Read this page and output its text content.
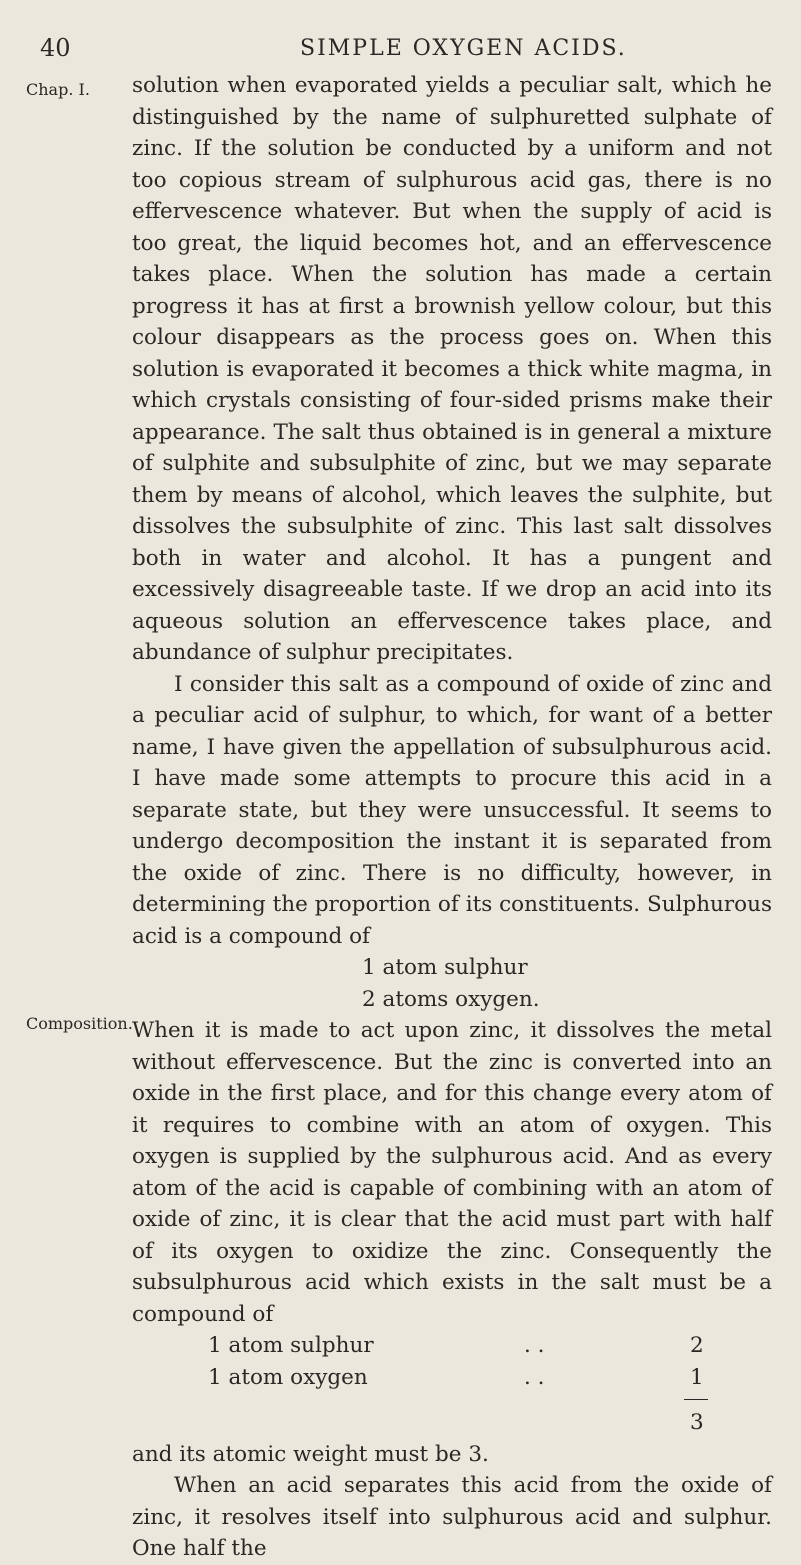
40	SIMPLE OXYGEN ACIDS.
Chap. I.
Composition.

solution when evaporated yields a peculiar salt, which he distinguished by the name of sulphuretted sulphate of zinc. If the solution be conducted by a uniform and not too copious stream of sulphurous acid gas, there is no effervescence whatever. But when the supply of acid is too great, the liquid becomes hot, and an effervescence takes place. When the solution has made a certain progress it has at first a brownish yellow colour, but this colour disappears as the process goes on. When this solution is evaporated it becomes a thick white magma, in which crystals consisting of four-sided prisms make their appearance. The salt thus obtained is in general a mixture of sulphite and subsulphite of zinc, but we may separate them by means of alcohol, which leaves the sulphite, but dissolves the subsulphite of zinc. This last salt dissolves both in water and alcohol. It has a pungent and excessively disagreeable taste. If we drop an acid into its aqueous solution an effervescence takes place, and abundance of sulphur precipitates.

I consider this salt as a compound of oxide of zinc and a peculiar acid of sulphur, to which, for want of a better name, I have given the appellation of subsulphurous acid. I have made some attempts to procure this acid in a separate state, but they were unsuccessful. It seems to undergo decomposition the instant it is separated from the oxide of zinc. There is no difficulty, however, in determining the proportion of its constituents. Sulphurous acid is a compound of

1 atom sulphur
2 atoms oxygen.

When it is made to act upon zinc, it dissolves the metal without effervescence. But the zinc is converted into an oxide in the first place, and for this change every atom of it requires to combine with an atom of oxygen. This oxygen is supplied by the sulphurous acid. And as every atom of the acid is capable of combining with an atom of oxide of zinc, it is clear that the acid must part with half of its oxygen to oxidize the zinc. Consequently the subsulphurous acid which exists in the salt must be a compound of

1 atom sulphur	. .	2
1 atom oxygen	. .	1
3

and its atomic weight must be 3.

When an acid separates this acid from the oxide of zinc, it resolves itself into sulphurous acid and sulphur. One half the
